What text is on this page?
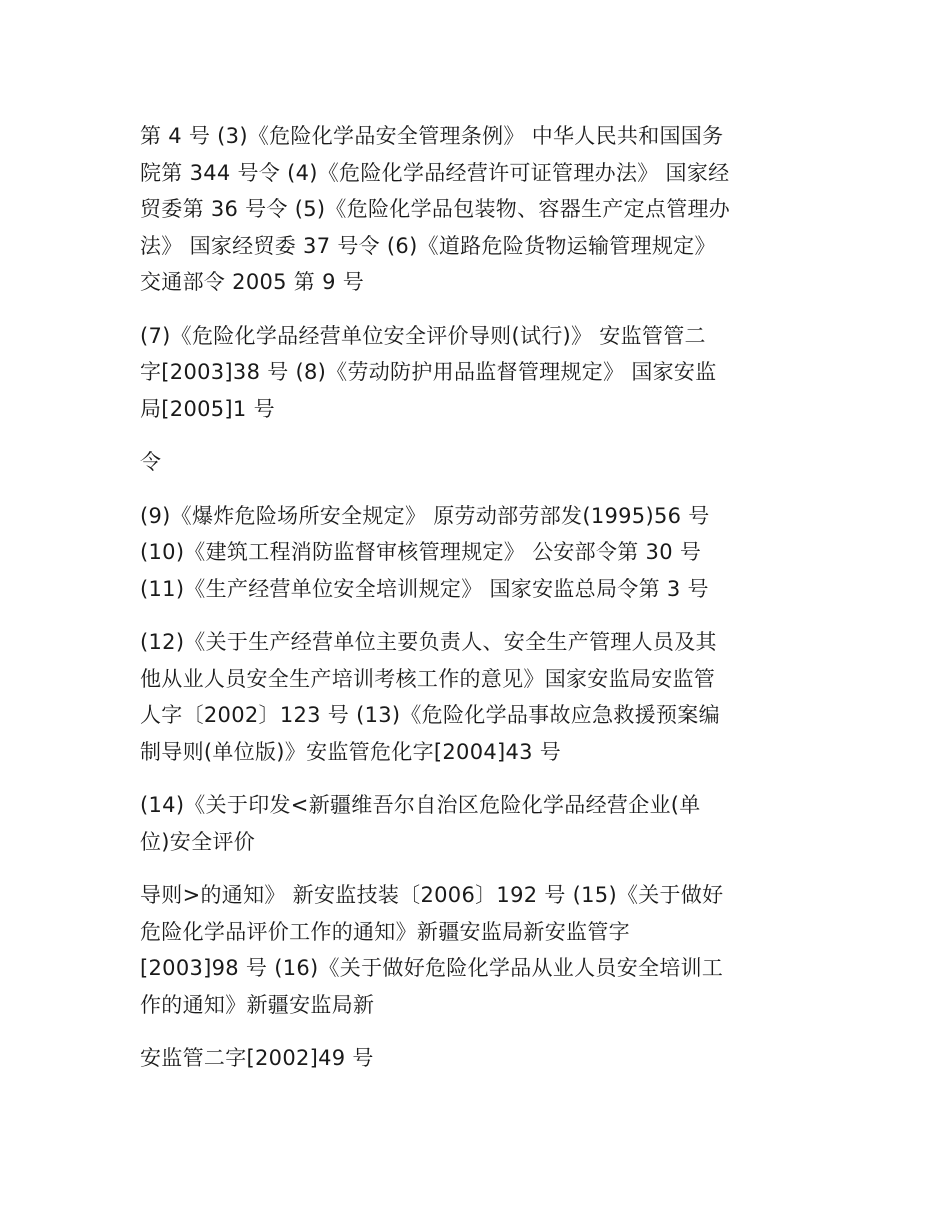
第 4 号 (3)《危险化学品安全管理条例》 中华人民共和国国务
院第 344 号令 (4)《危险化学品经营许可证管理办法》 国家经
贸委第 36 号令 (5)《危险化学品包装物、容器生产定点管理办
法》 国家经贸委 37 号令 (6)《道路危险货物运输管理规定》
交通部令 2005 第 9 号
(7)《危险化学品经营单位安全评价导则(试行)》 安监管管二
字[2003]38 号 (8)《劳动防护用品监督管理规定》 国家安监
局[2005]1 号
令
(9)《爆炸危险场所安全规定》 原劳动部劳部发(1995)56 号
(10)《建筑工程消防监督审核管理规定》 公安部令第 30 号
(11)《生产经营单位安全培训规定》 国家安监总局令第 3 号
(12)《关于生产经营单位主要负责人、安全生产管理人员及其
他从业人员安全生产培训考核工作的意见》国家安监局安监管
人字〔2002〕123 号 (13)《危险化学品事故应急救援预案编
制导则(单位版)》安监管危化字[2004]43 号
(14)《关于印发<新疆维吾尔自治区危险化学品经营企业(单
位)安全评价
导则>的通知》 新安监技装〔2006〕192 号 (15)《关于做好
危险化学品评价工作的通知》新疆安监局新安监管字
[2003]98 号 (16)《关于做好危险化学品从业人员安全培训工
作的通知》新疆安监局新
安监管二字[2002]49 号
